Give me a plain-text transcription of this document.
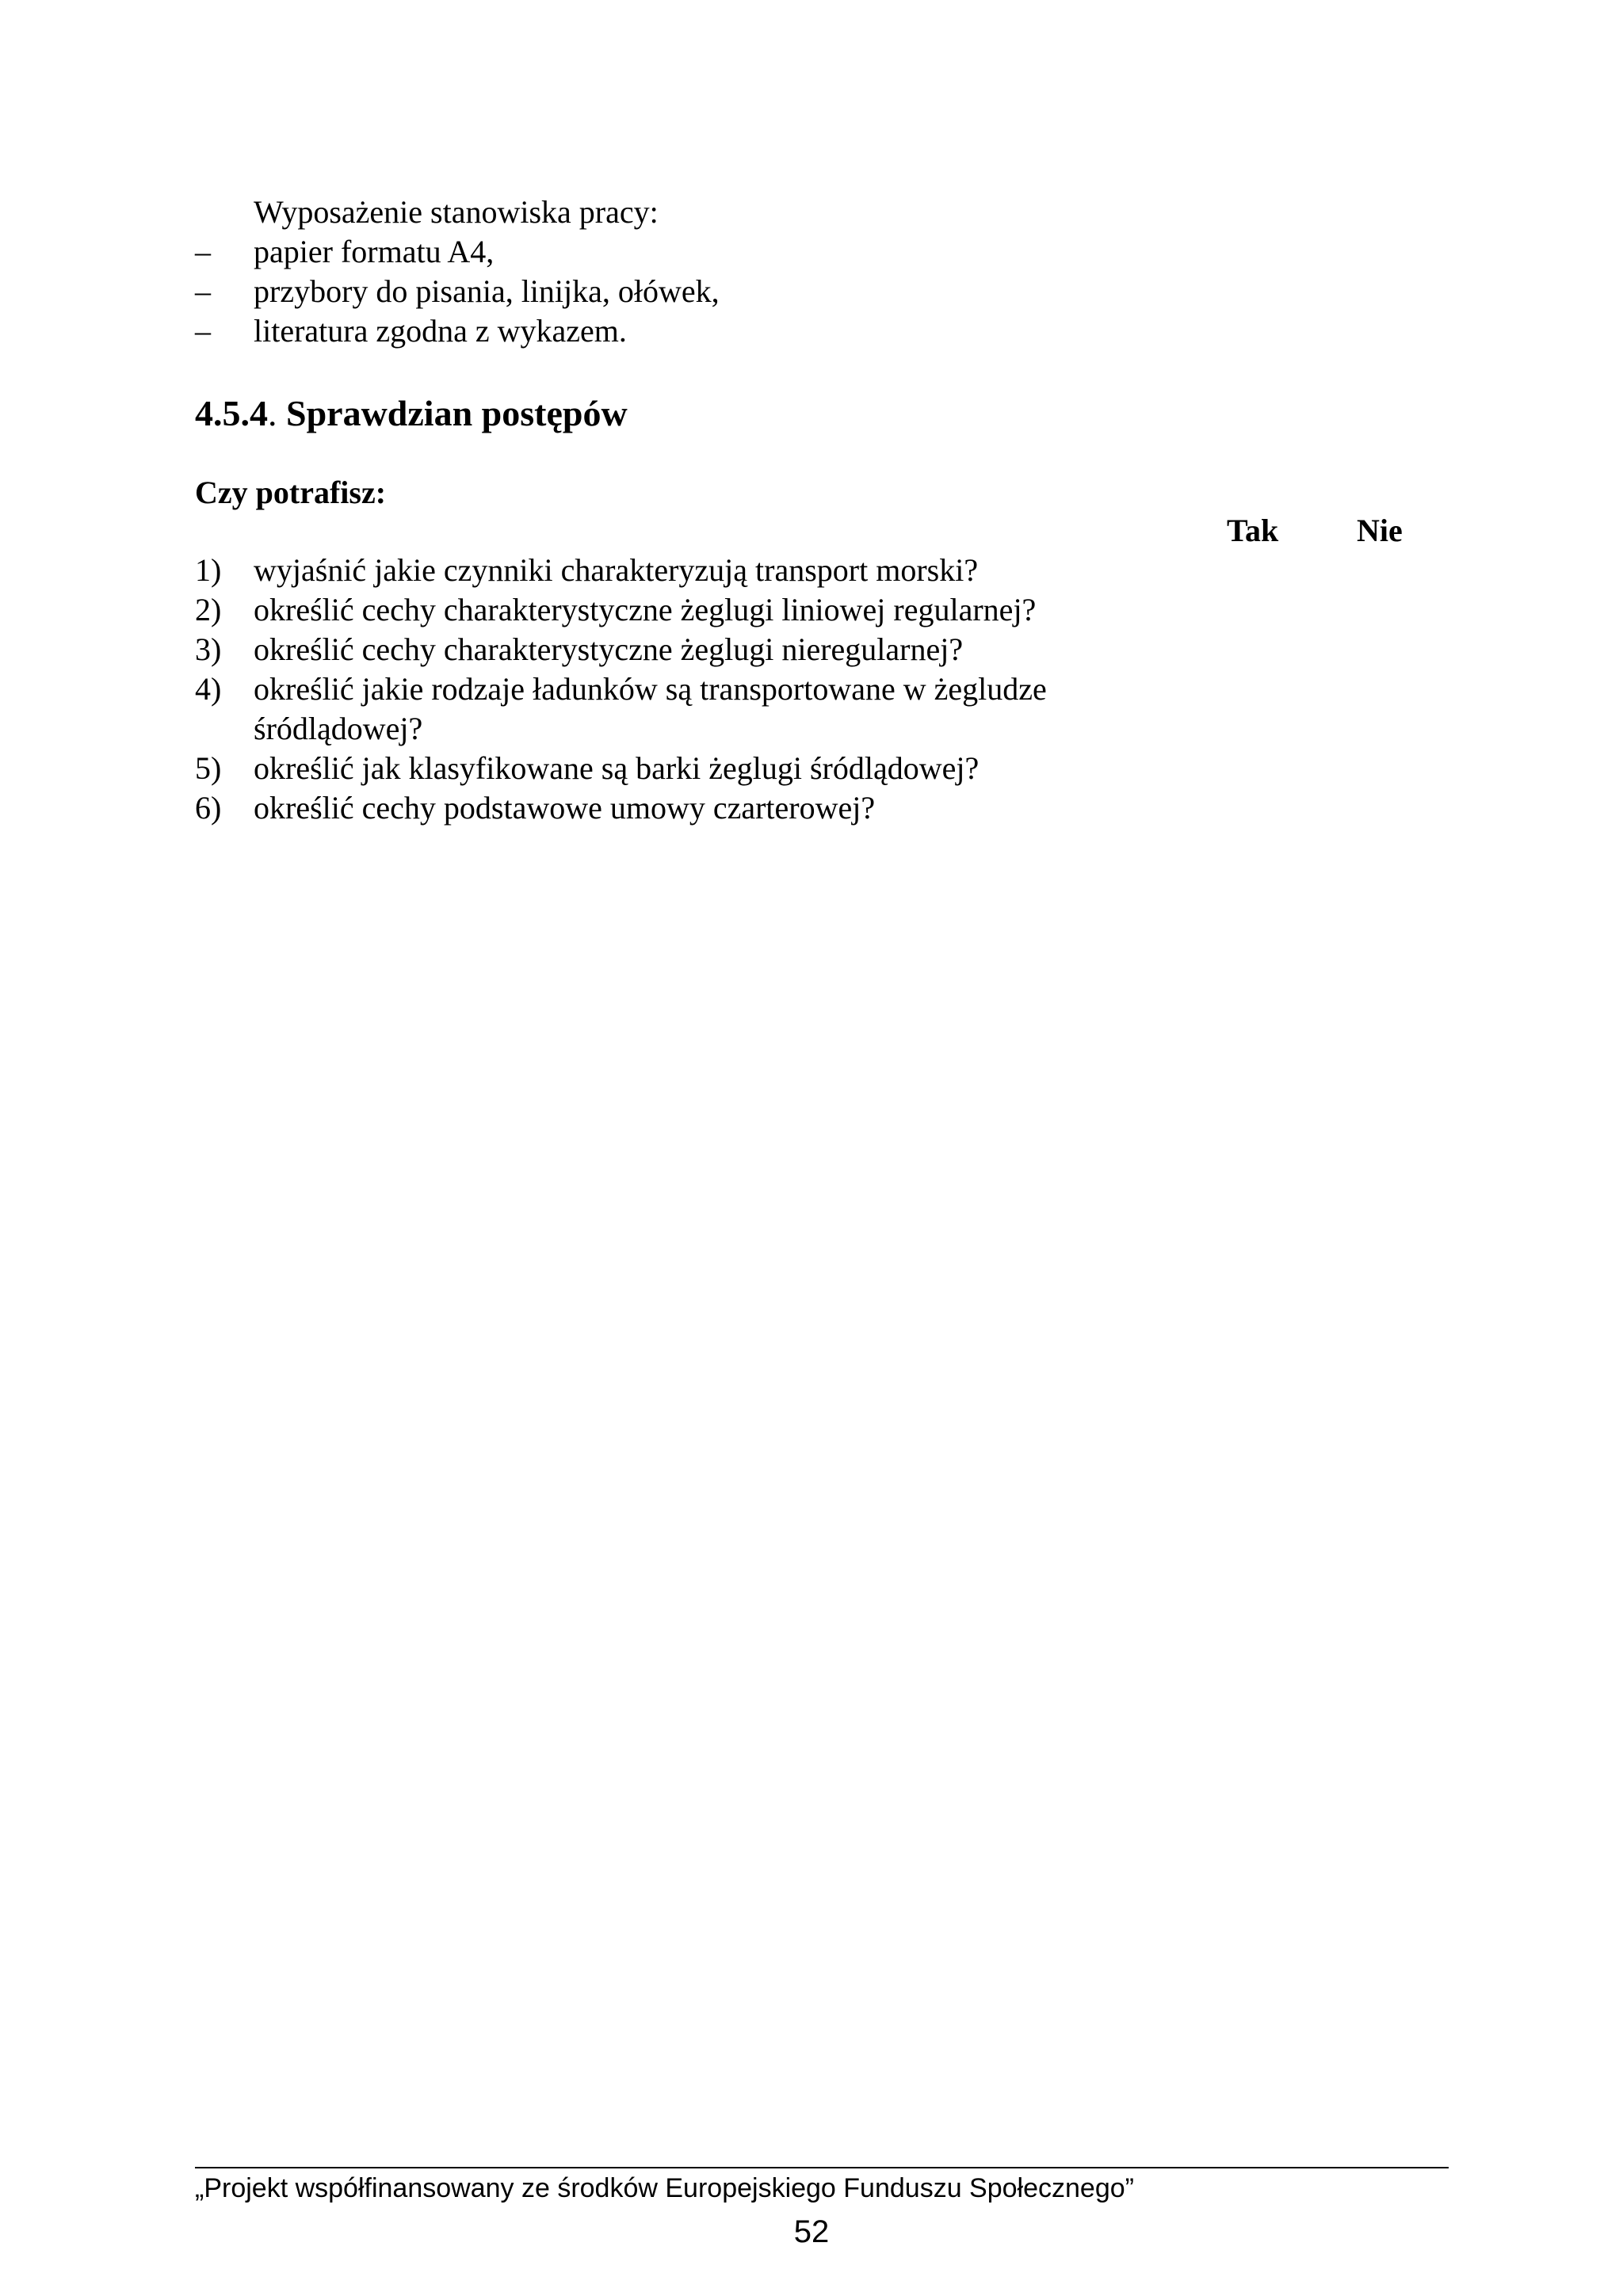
Wyposażenie stanowiska pracy:
– papier formatu A4,
– przybory do pisania, linijka, ołówek,
– literatura zgodna z wykazem.
4.5.4. Sprawdzian postępów
Czy potrafisz:
Tak Nie
1) wyjaśnić jakie czynniki charakteryzują transport morski?
2) określić cechy charakterystyczne żeglugi liniowej regularnej?
3) określić cechy charakterystyczne żeglugi nieregularnej?
4) określić jakie rodzaje ładunków są transportowane w żegludze
śródlądowej?
5) określić jak klasyfikowane są barki żeglugi śródlądowej?
6) określić cechy podstawowe umowy czarterowej?
„Projekt współfinansowany ze środków Europejskiego Funduszu Społecznego”
52
